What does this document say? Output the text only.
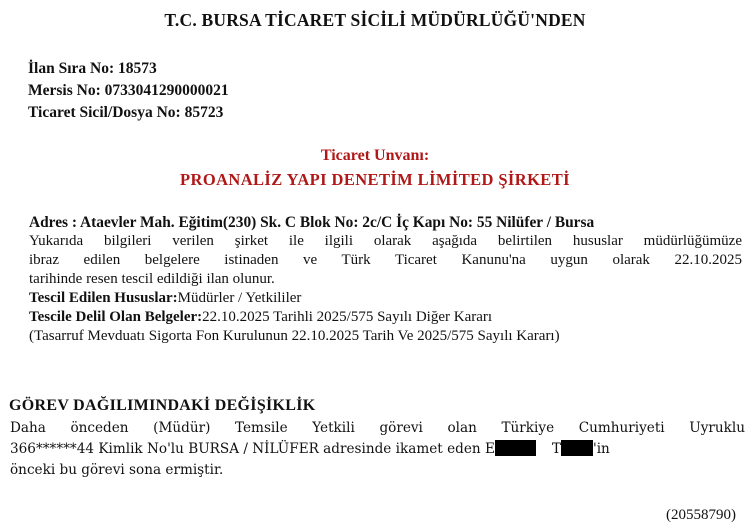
T.C. BURSA TİCARET SİCİLİ MÜDÜRLÜĞÜ'NDEN
İlan Sıra No: 18573
Mersis No: 0733041290000021
Ticaret Sicil/Dosya No: 85723
Ticaret Unvanı:
PROANALİZ YAPI DENETİM LİMİTED ŞİRKETİ
Adres : Ataevler Mah. Eğitim(230) Sk. C Blok No: 2c/C İç Kapı No: 55 Nilüfer / Bursa
Yukarıda bilgileri verilen şirket ile ilgili olarak aşağıda belirtilen hususlar müdürlüğümüze
ibraz edilen belgelere istinaden ve Türk Ticaret Kanunu'na uygun olarak 22.10.2025
tarihinde resen tescil edildiği ilan olunur.
Tescil Edilen Hususlar:Müdürler / Yetkililer
Tescile Delil Olan Belgeler:22.10.2025 Tarihli 2025/575 Sayılı Diğer Kararı
(Tasarruf Mevduatı Sigorta Fon Kurulunun 22.10.2025 Tarih Ve 2025/575 Sayılı Kararı)
GÖREV DAĞILIMINDAKİ DEĞİŞİKLİK
Daha önceden (Müdür) Temsile Yetkili görevi olan Türkiye Cumhuriyeti Uyruklu
366******44 Kimlik No'lu BURSA / NİLÜFER adresinde ikamet eden E	T 'in
önceki bu görevi sona ermiştir.
(20558790)
